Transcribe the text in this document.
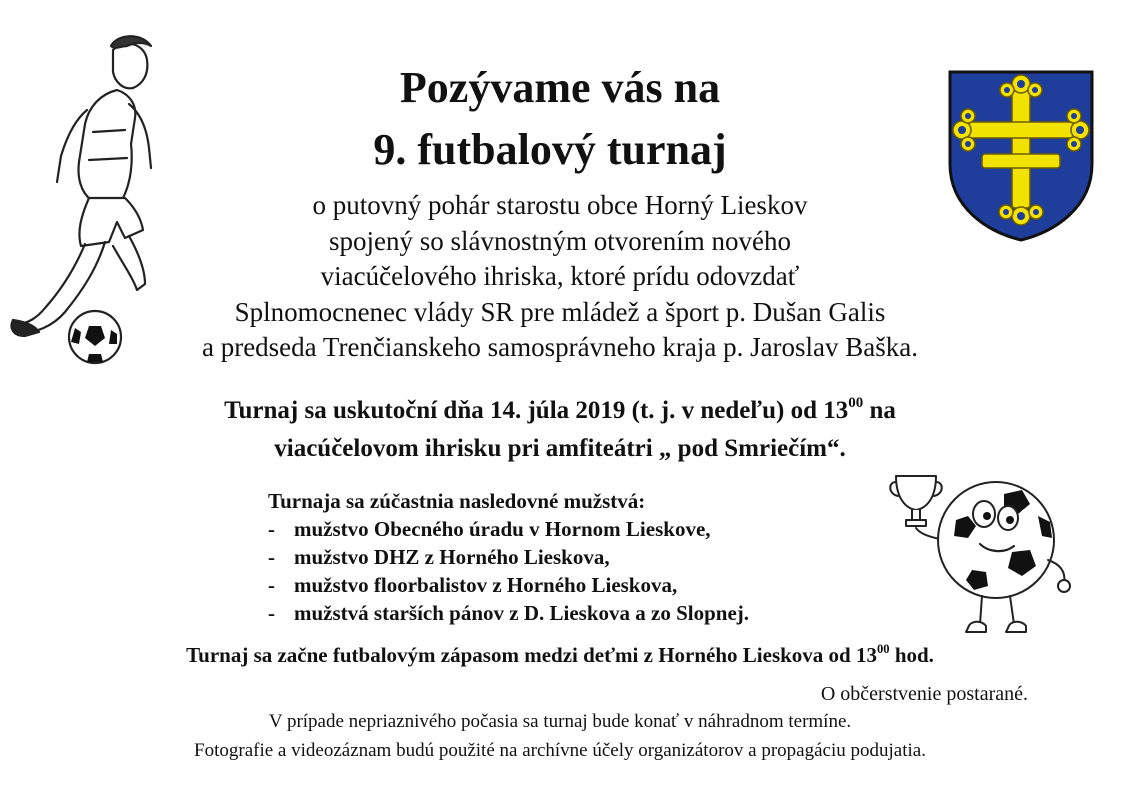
Pozývame vás na
9. futbalový turnaj
o putovný pohár starostu obce Horný Lieskov
spojený so slávnostným otvorením nového
viacúčelového ihriska, ktoré prídu odovzdať
Splnomocnenec vlády SR pre mládež a šport p. Dušan Galis
a predseda Trenčianskeho samosprávneho kraja p. Jaroslav Baška.
Turnaj sa uskutoční dňa 14. júla 2019 (t. j. v nedeľu) od $13^{00}$ na
viacúčelovom ihrisku pri amfiteátri „ pod Smriečím“.
Turnaja sa zúčastnia nasledovné mužstvá:
- mužstvo Obecného úradu v Hornom Lieskove,
- mužstvo DHZ z Horného Lieskova,
- mužstvo floorbalistov z Horného Lieskova,
- mužstvá starších pánov z D. Lieskova a zo Slopnej.
Turnaj sa začne futbalovým zápasom medzi deťmi z Horného Lieskova od $13^{00}$ hod.
O občerstvenie postarané.
V prípade nepriaznivého počasia sa turnaj bude konať v náhradnom termíne.
Fotografie a videozáznam budú použité na archívne účely organizátorov a propagáciu podujatia.
